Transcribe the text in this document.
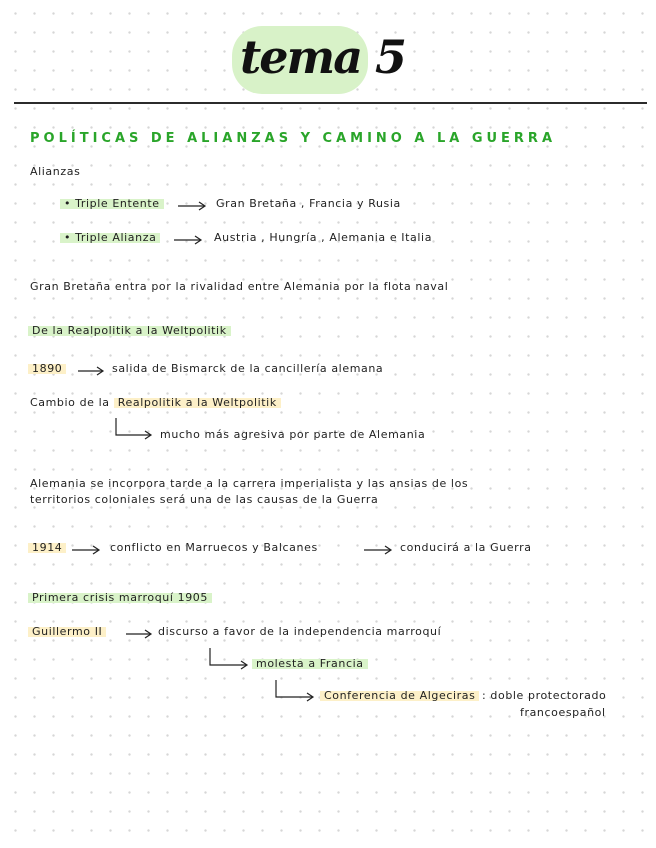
tema 5
POLÍTICAS DE ALIANZAS Y CAMINO A LA GUERRA
Alianzas
• Triple Entente	Gran Bretaña , Francia y Rusia
• Triple Alianza	Austria , Hungría , Alemania e Italia
Gran Bretaña entra por la rivalidad entre Alemania por la flota naval
De la Realpolitik a la Weltpolitik
1890	salida de Bismarck de la cancillería alemana
Cambio de la Realpolitik a la Weltpolitik
mucho más agresiva por parte de Alemania
Alemania se incorpora tarde a la carrera imperialista y las ansias de los
territorios coloniales será una de las causas de la Guerra
1914	conflicto en Marruecos y Balcanes	conducirá a la Guerra
Primera crisis marroquí 1905
Guillermo II	discurso a favor de la independencia marroquí
molesta a Francia
Conferencia de Algeciras : doble protectorado
francoespañol
